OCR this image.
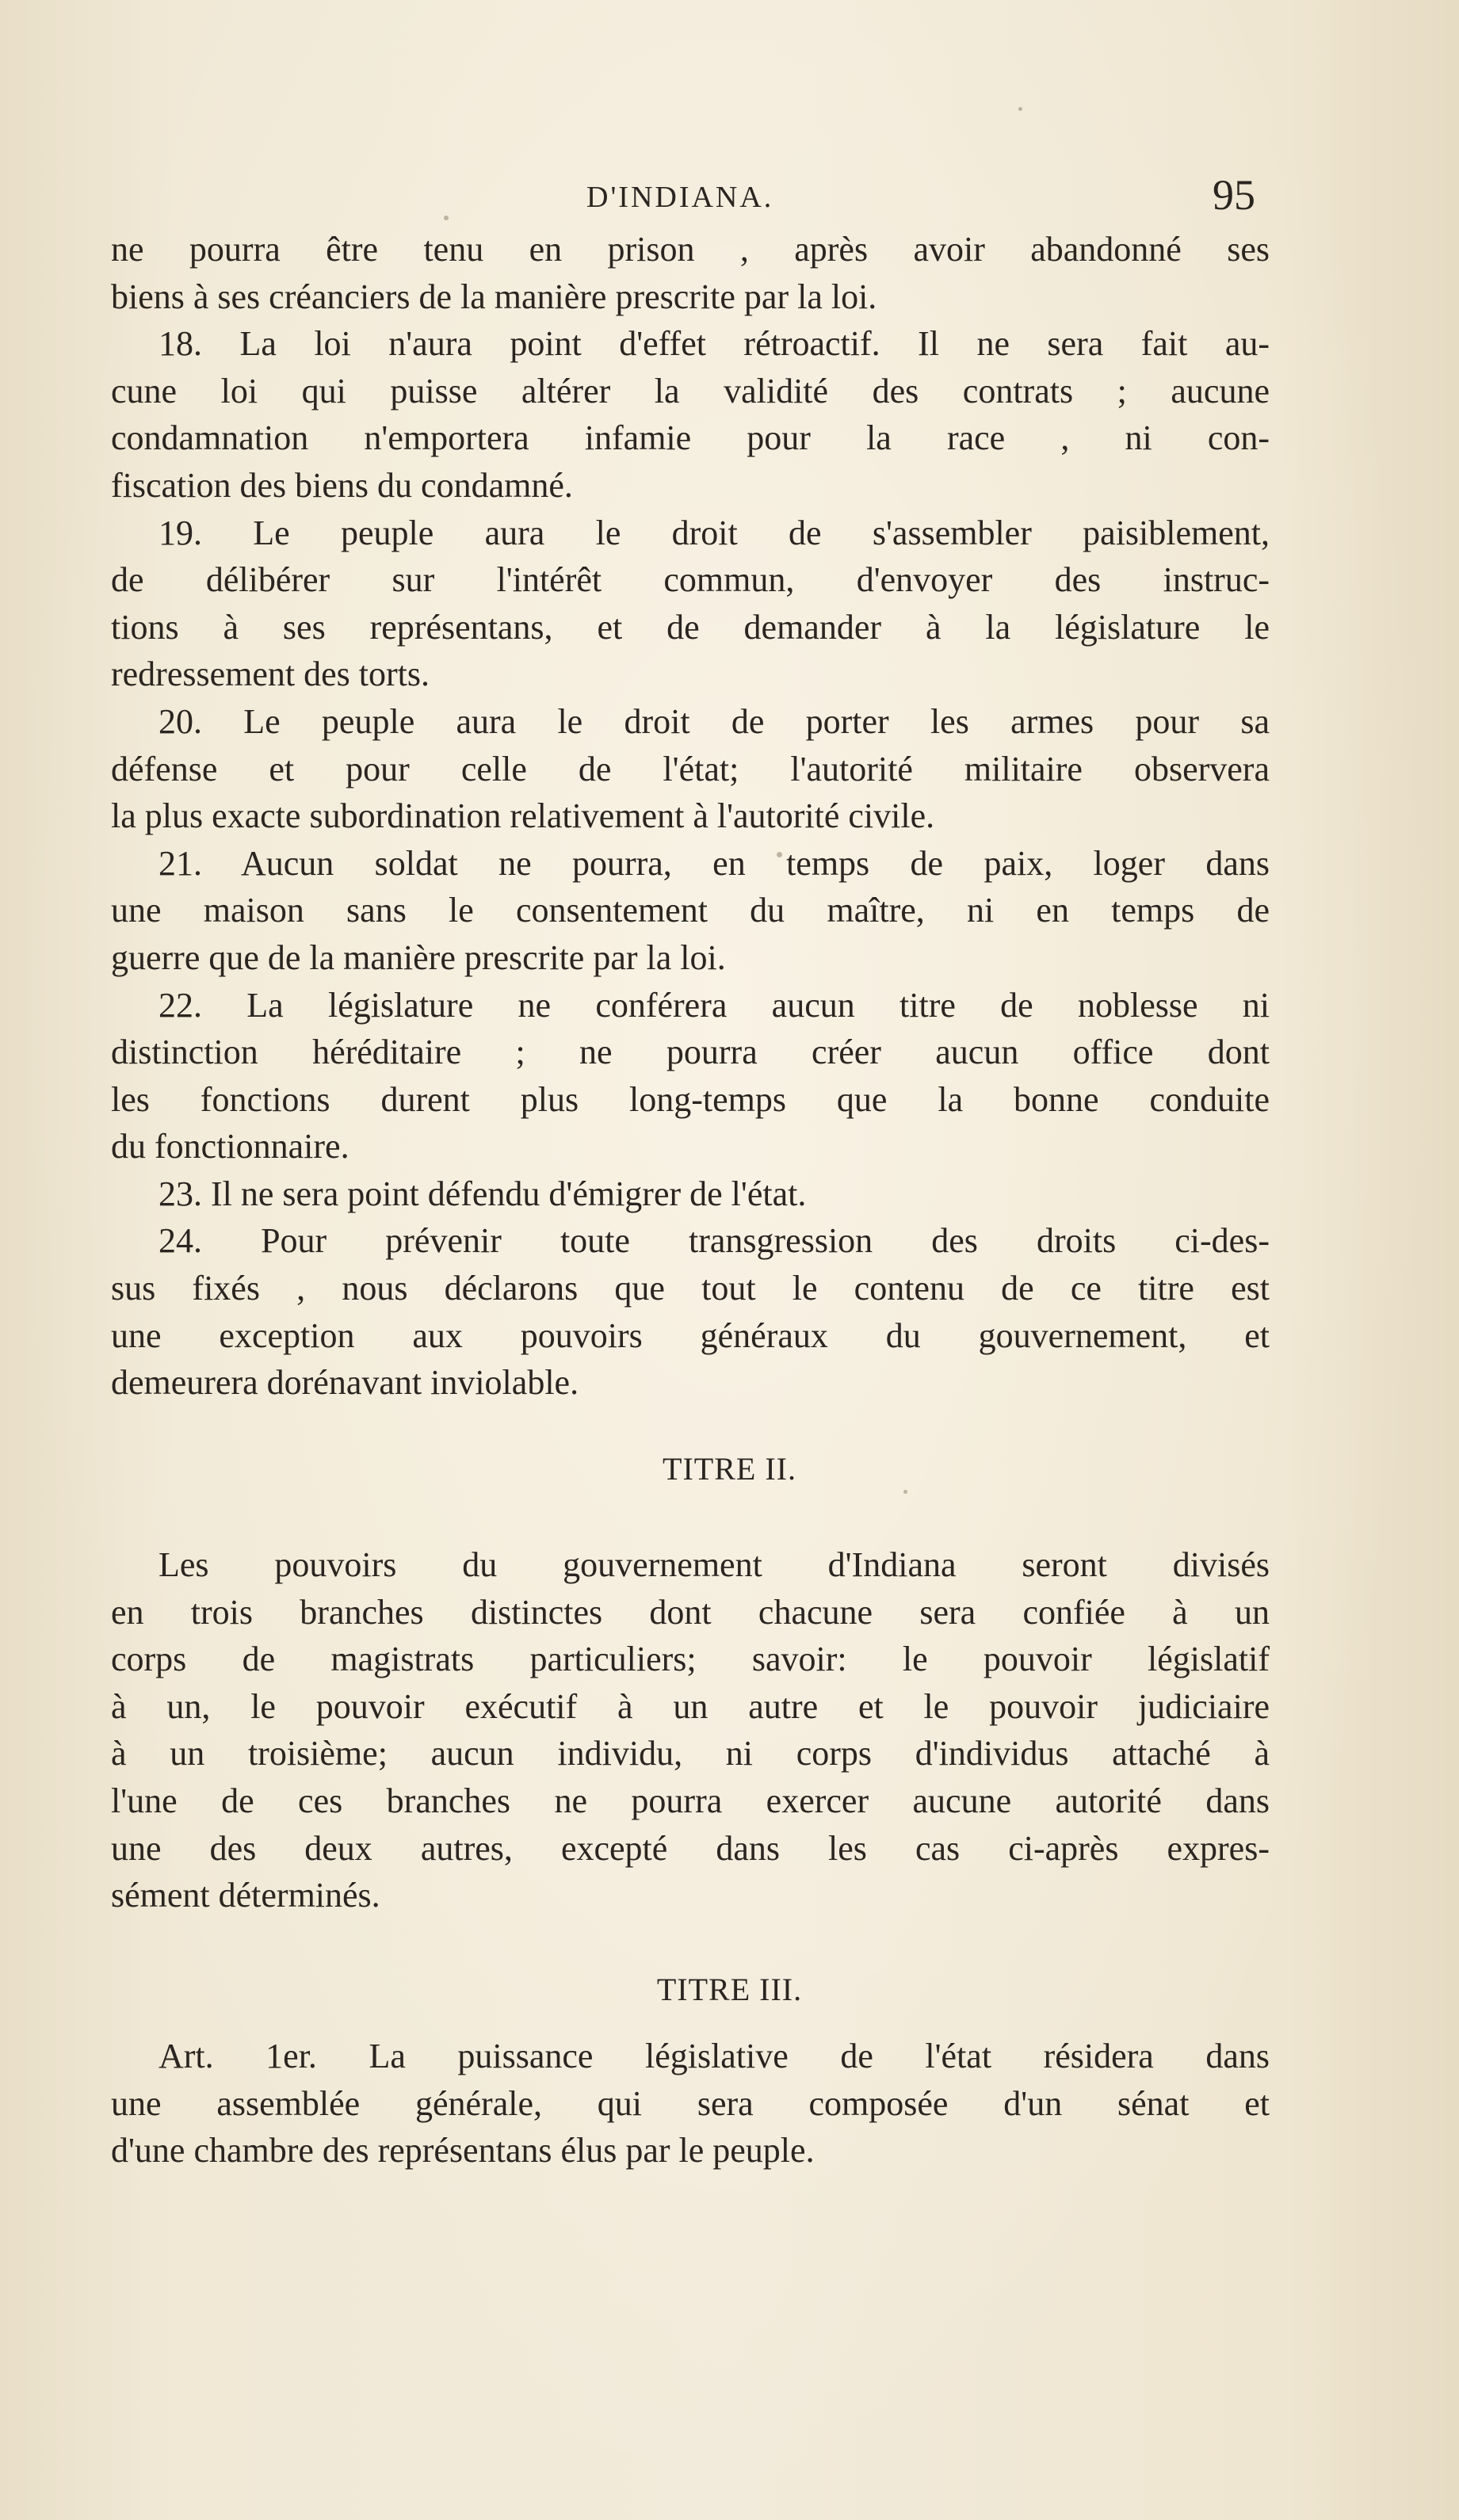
D'INDIANA.	95
ne pourra être tenu en prison , après avoir abandonné ses
biens à ses créanciers de la manière prescrite par la loi.
18. La loi n'aura point d'effet rétroactif. Il ne sera fait au-
cune loi qui puisse altérer la validité des contrats ; aucune
condamnation n'emportera infamie pour la race , ni con-
fiscation des biens du condamné.
19. Le peuple aura le droit de s'assembler paisiblement,
de délibérer sur l'intérêt commun, d'envoyer des instruc-
tions à ses représentans, et de demander à la législature le
redressement des torts.
20. Le peuple aura le droit de porter les armes pour sa
défense et pour celle de l'état; l'autorité militaire observera
la plus exacte subordination relativement à l'autorité civile.
21. Aucun soldat ne pourra, en temps de paix, loger dans
une maison sans le consentement du maître, ni en temps de
guerre que de la manière prescrite par la loi.
22. La législature ne conférera aucun titre de noblesse ni
distinction héréditaire ; ne pourra créer aucun office dont
les fonctions durent plus long-temps que la bonne conduite
du fonctionnaire.
23. Il ne sera point défendu d'émigrer de l'état.
24. Pour prévenir toute transgression des droits ci-des-
sus fixés , nous déclarons que tout le contenu de ce titre est
une exception aux pouvoirs généraux du gouvernement, et
demeurera dorénavant inviolable.
TITRE II.
Les pouvoirs du gouvernement d'Indiana seront divisés
en trois branches distinctes dont chacune sera confiée à un
corps de magistrats particuliers; savoir: le pouvoir législatif
à un, le pouvoir exécutif à un autre et le pouvoir judiciaire
à un troisième; aucun individu, ni corps d'individus attaché à
l'une de ces branches ne pourra exercer aucune autorité dans
une des deux autres, excepté dans les cas ci-après expres-
sément déterminés.
TITRE III.
Art. 1er. La puissance législative de l'état résidera dans
une assemblée générale, qui sera composée d'un sénat et
d'une chambre des représentans élus par le peuple.
